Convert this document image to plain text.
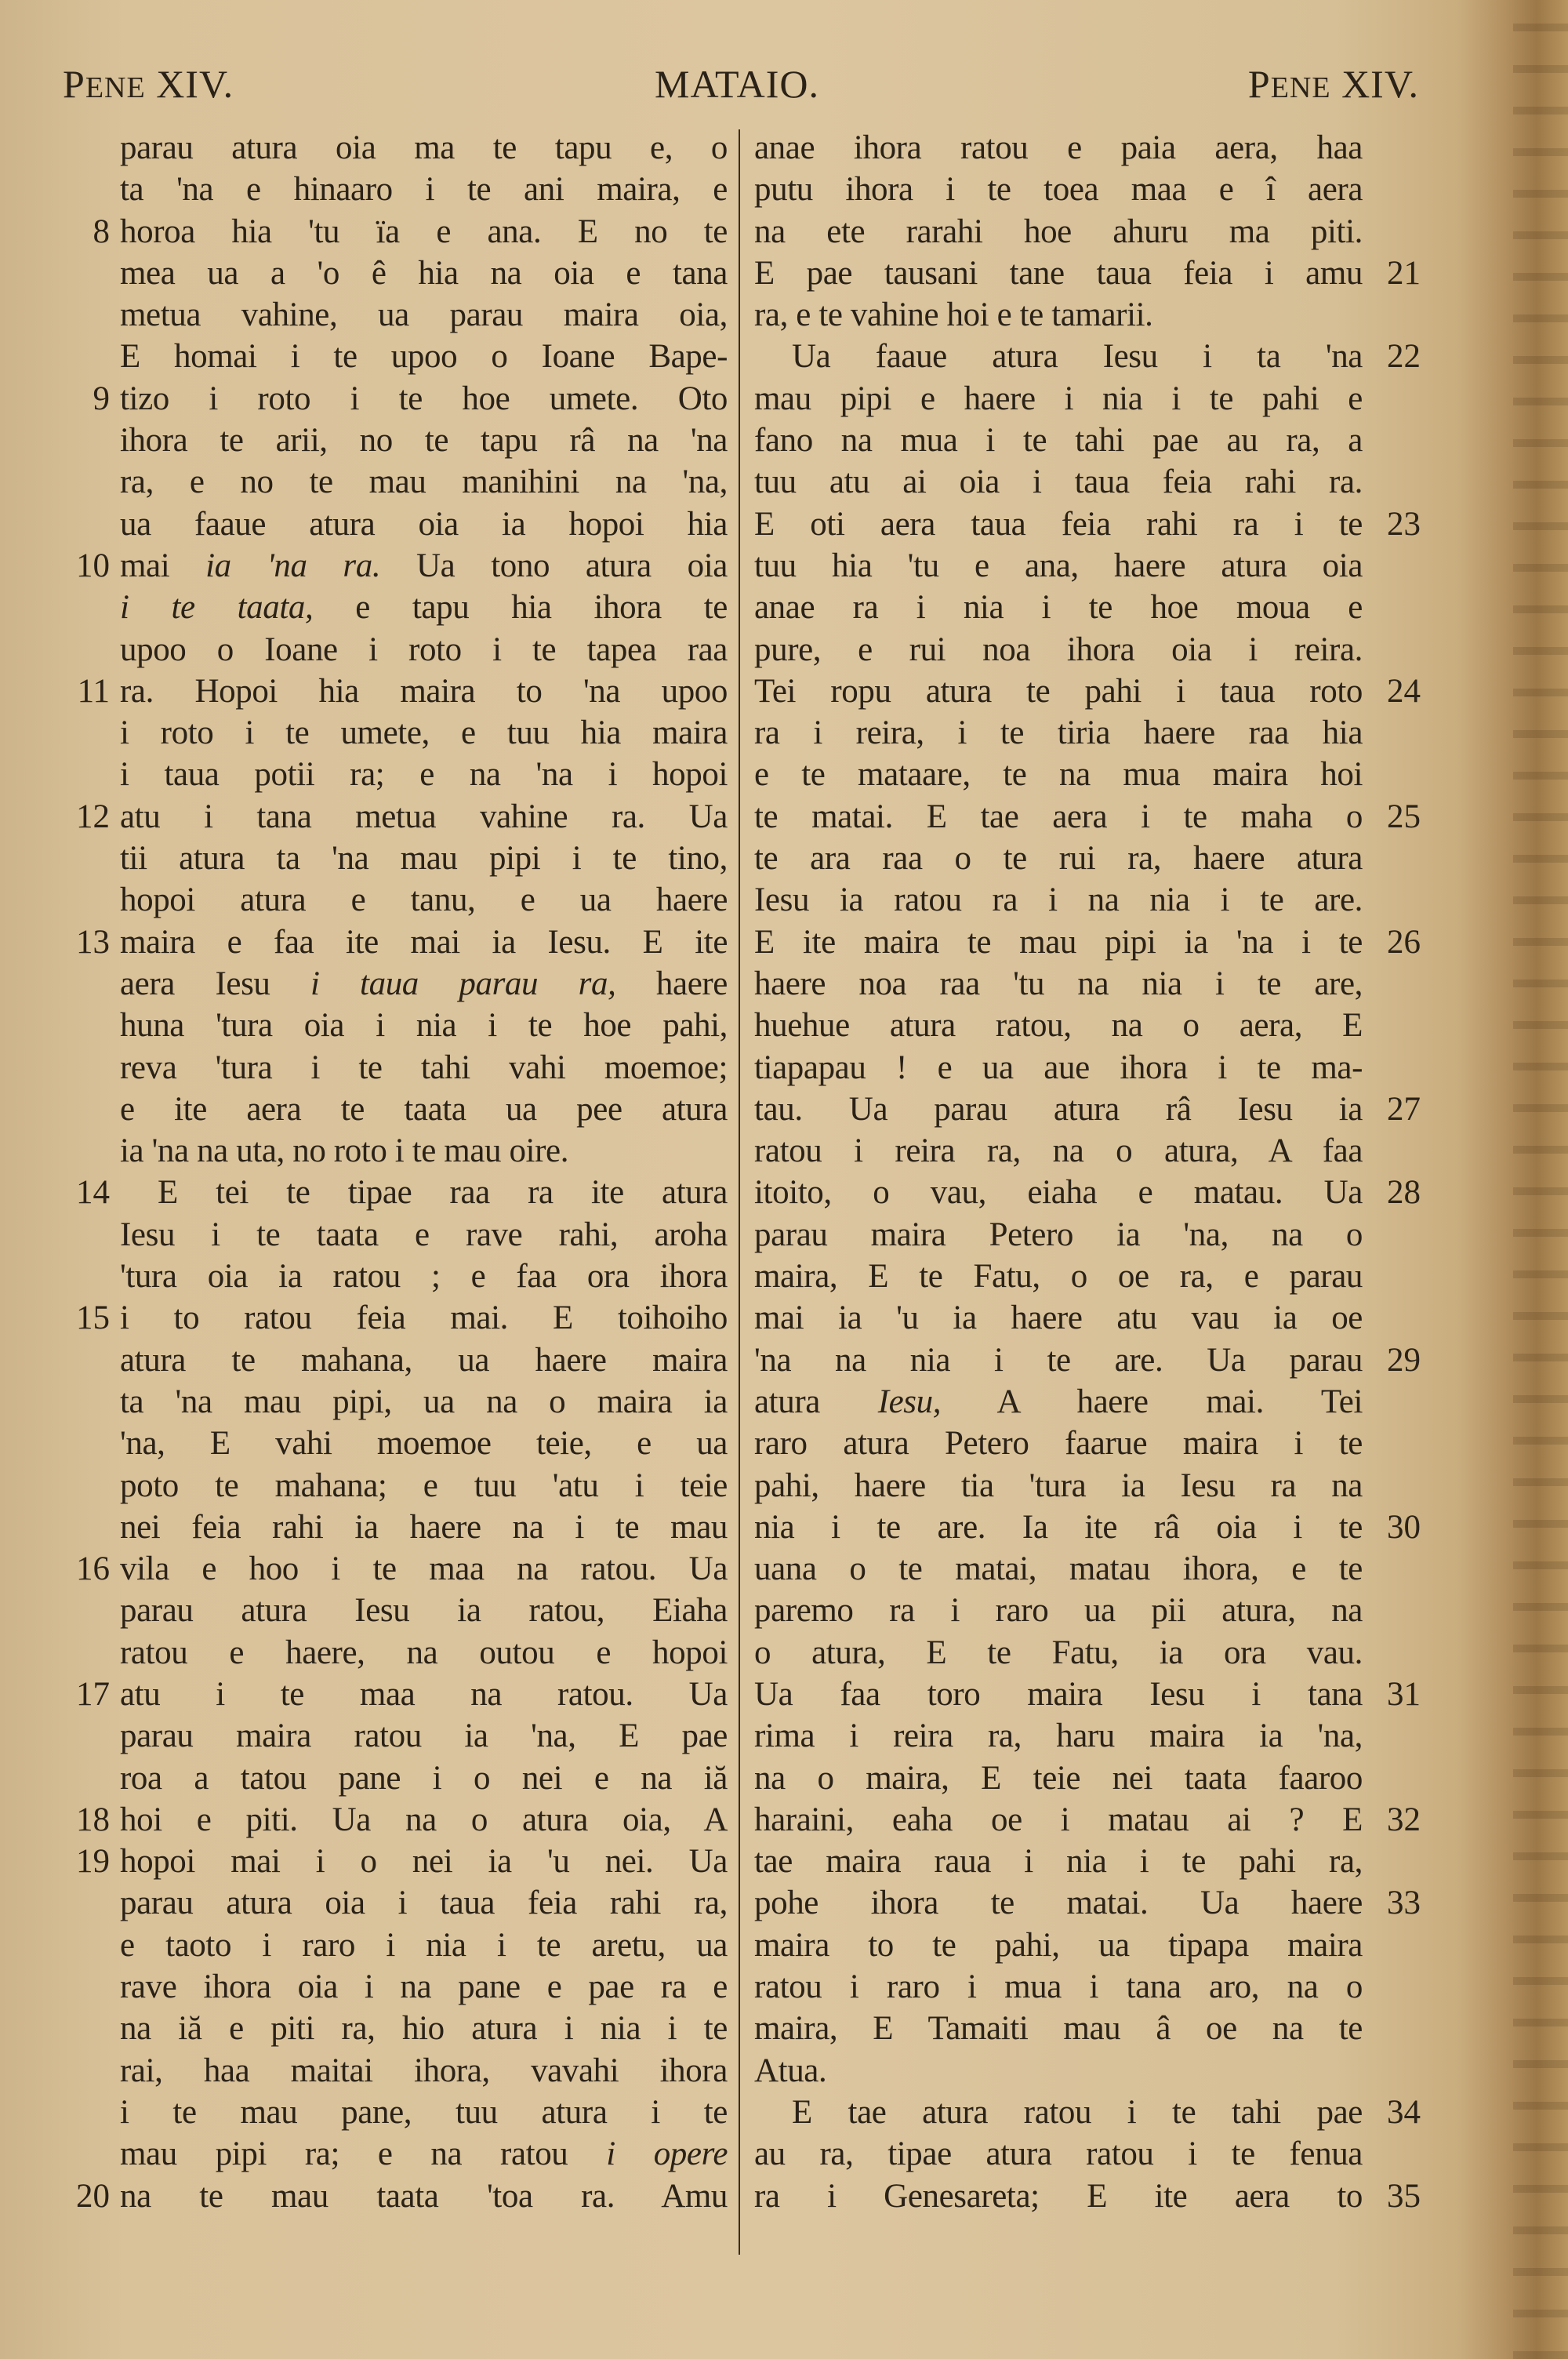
PENE XIV.	MATAIO.	PENE XIV.
parau atura oia ma te tapu e, o
ta 'na e hinaaro i te ani maira, e
8 horoa hia 'tu ïa e ana. E no te
mea ua a 'o ê hia na oia e tana
metua vahine, ua parau maira oia,
E homai i te upoo o Ioane Bape-
9 tizo i roto i te hoe umete. Oto
ihora te arii, no te tapu râ na 'na
ra, e no te mau manihini na 'na,
ua faaue atura oia ia hopoi hia
10 mai ia 'na ra. Ua tono atura oia
i te taata, e tapu hia ihora te
upoo o Ioane i roto i te tapea raa
11 ra. Hopoi hia maira to 'na upoo
i roto i te umete, e tuu hia maira
i taua potii ra; e na 'na i hopoi
12 atu i tana metua vahine ra. Ua
tii atura ta 'na mau pipi i te tino,
hopoi atura e tanu, e ua haere
13 maira e faa ite mai ia Iesu. E ite
aera Iesu i taua parau ra, haere
huna 'tura oia i nia i te hoe pahi,
reva 'tura i te tahi vahi moemoe;
e ite aera te taata ua pee atura
ia 'na na uta, no roto i te mau oire.
14	E tei te tipae raa ra ite atura
Iesu i te taata e rave rahi, aroha
'tura oia ia ratou ; e faa ora ihora
15 i to ratou feia mai. E toihoiho
atura te mahana, ua haere maira
ta 'na mau pipi, ua na o maira ia
'na, E vahi moemoe teie, e ua
poto te mahana; e tuu 'atu i teie
nei feia rahi ia haere na i te mau
16 vila e hoo i te maa na ratou. Ua
parau atura Iesu ia ratou, Eiaha
ratou e haere, na outou e hopoi
17 atu i te maa na ratou. Ua
parau maira ratou ia 'na, E pae
roa a tatou pane i o nei e na iă
18 hoi e piti. Ua na o atura oia, A
19 hopoi mai i o nei ia 'u nei. Ua
parau atura oia i taua feia rahi ra,
e taoto i raro i nia i te aretu, ua
rave ihora oia i na pane e pae ra e
na iă e piti ra, hio atura i nia i te
rai, haa maitai ihora, vavahi ihora
i te mau pane, tuu atura i te
mau pipi ra; e na ratou i opere
20 na te mau taata 'toa ra. Amu
anae ihora ratou e paia aera, haa
putu ihora i te toea maa e î aera
na ete rarahi hoe ahuru ma piti.
21
E pae tausani tane taua feia i amu
ra, e te vahine hoi e te tamarii.
22
Ua faaue atura Iesu i ta 'na
mau pipi e haere i nia i te pahi e
fano na mua i te tahi pae au ra, a
tuu atu ai oia i taua feia rahi ra.
23
E oti aera taua feia rahi ra i te
tuu hia 'tu e ana, haere atura oia
anae ra i nia i te hoe moua e
pure, e rui noa ihora oia i reira.
24
Tei ropu atura te pahi i taua roto
ra i reira, i te tiria haere raa hia
e te mataare, te na mua maira hoi
25
te matai. E tae aera i te maha o
te ara raa o te rui ra, haere atura
Iesu ia ratou ra i na nia i te are.
26
E ite maira te mau pipi ia 'na i te
haere noa raa 'tu na nia i te are,
huehue atura ratou, na o aera, E
tiapapau ! e ua aue ihora i te ma-
27
tau. Ua parau atura râ Iesu ia
ratou i reira ra, na o atura, A faa
28
itoito, o vau, eiaha e matau. Ua
parau maira Petero ia 'na, na o
maira, E te Fatu, o oe ra, e parau
mai ia 'u ia haere atu vau ia oe
29
'na na nia i te are. Ua parau
atura Iesu, A haere mai. Tei
raro atura Petero faarue maira i te
pahi, haere tia 'tura ia Iesu ra na
30
nia i te are. Ia ite râ oia i te
uana o te matai, matau ihora, e te
paremo ra i raro ua pii atura, na
o atura, E te Fatu, ia ora vau.
31
Ua faa toro maira Iesu i tana
rima i reira ra, haru maira ia 'na,
na o maira, E teie nei taata faaroo
32
haraini, eaha oe i matau ai ? E
tae maira raua i nia i te pahi ra,
33
pohe ihora te matai. Ua haere
maira to te pahi, ua tipapa maira
ratou i raro i mua i tana aro, na o
maira, E Tamaiti mau â oe na te
Atua.
34
E tae atura ratou i te tahi pae
au ra, tipae atura ratou i te fenua
35
ra i Genesareta; E ite aera to
